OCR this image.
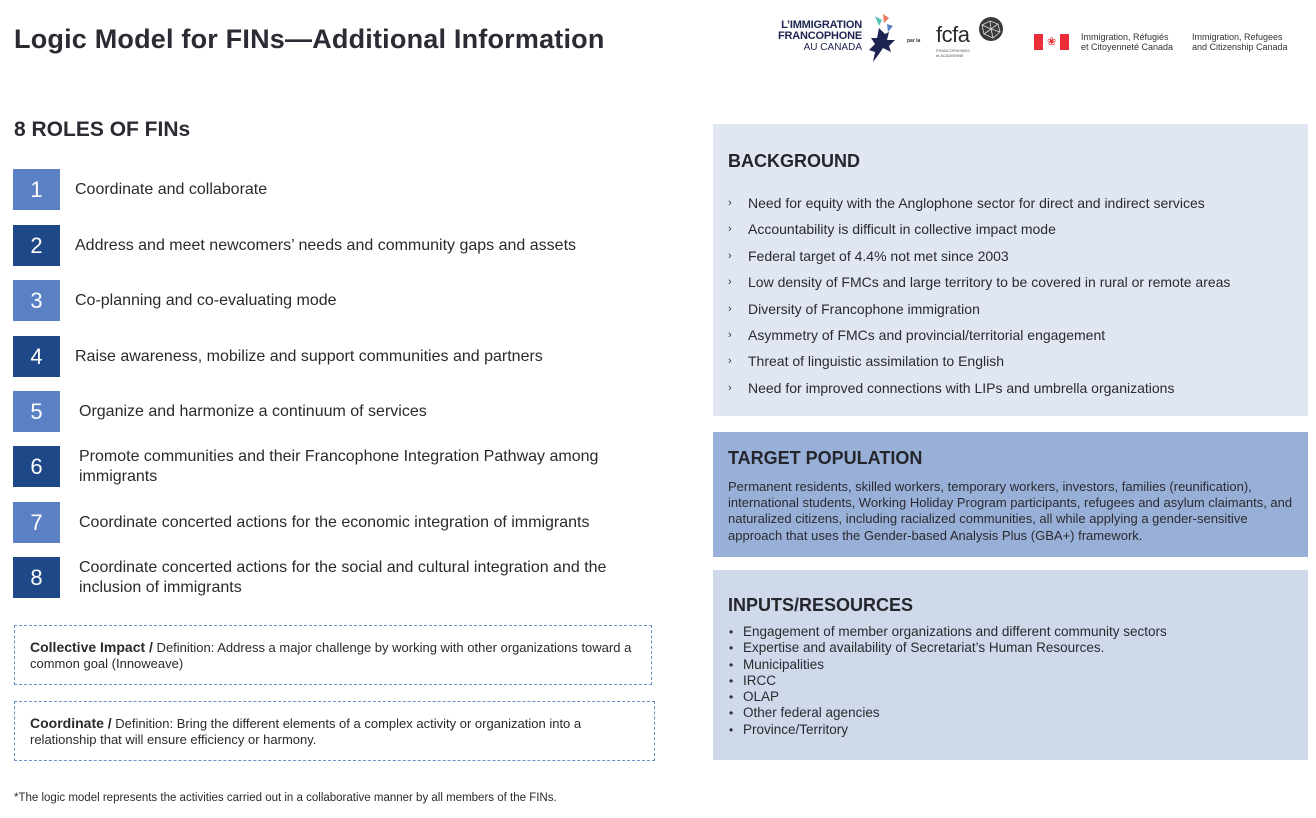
Logic Model for FINs—Additional Information	L’IMMIGRATION
FRANCOPHONE
AU CANADA
par la fcfa
FRANCOPHONES
et ACADIENNE
❀	Immigration, Réfugiés
et Citoyenneté Canada
Immigration, Refugees
and Citizenship Canada
8 ROLES OF FINs
1	Coordinate and collaborate
2	Address and meet newcomers’ needs and community gaps and assets
3	Co-planning and co-evaluating mode
4	Raise awareness, mobilize and support communities and partners
5	Organize and harmonize a continuum of services
6	Promote communities and their Francophone Integration Pathway among immigrants
7	Coordinate concerted actions for the economic integration of immigrants
8	Coordinate concerted actions for the social and cultural integration and the inclusion of immigrants
Collective Impact / Definition: Address a major challenge by working with other organizations toward a common goal (Innoweave)
Coordinate / Definition: Bring the different elements of a complex activity or organization into a relationship that will ensure efficiency or harmony.
*The logic model represents the activities carried out in a collaborative manner by all members of the FINs.
BACKGROUND
›	Need for equity with the Anglophone sector for direct and indirect services
›	Accountability is difficult in collective impact mode
›	Federal target of 4.4% not met since 2003
›	Low density of FMCs and large territory to be covered in rural or remote areas
›	Diversity of Francophone immigration
›	Asymmetry of FMCs and provincial/territorial engagement
›	Threat of linguistic assimilation to English
›	Need for improved connections with LIPs and umbrella organizations
TARGET POPULATION

Permanent residents, skilled workers, temporary workers, investors, families (reunification), international students, Working Holiday Program participants, refugees and asylum claimants, and naturalized citizens, including racialized communities, all while applying a gender-sensitive approach that uses the Gender-based Analysis Plus (GBA+) framework.

INPUTS/RESOURCES
• Engagement of member organizations and different community sectors
• Expertise and availability of Secretariat’s Human Resources.
• Municipalities
• IRCC
• OLAP
• Other federal agencies
• Province/Territory
